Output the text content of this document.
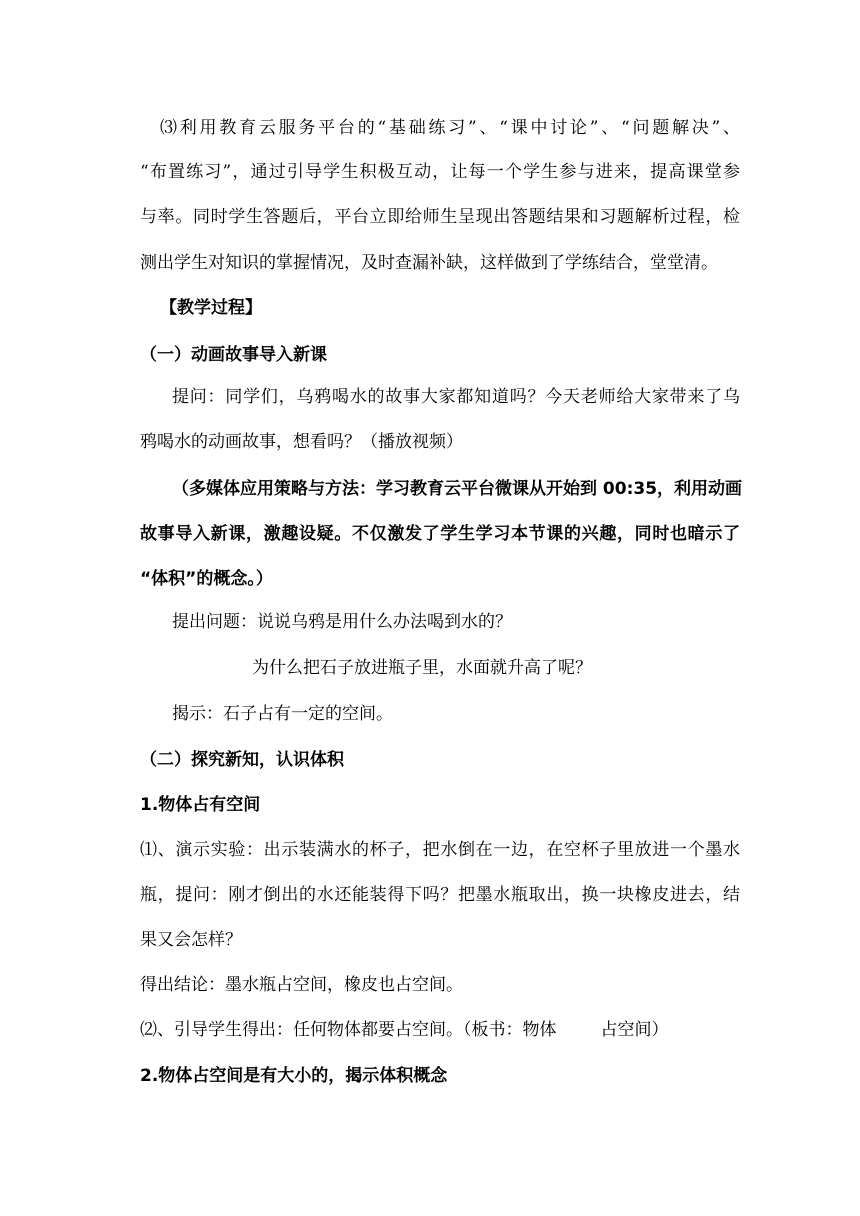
⑶利用教育云服务平台的“基础练习”、“课中讨论”、“问题解决”、
“布置练习”，通过引导学生积极互动，让每一个学生参与进来，提高课堂参
与率。同时学生答题后，平台立即给师生呈现出答题结果和习题解析过程，检
测出学生对知识的掌握情况，及时查漏补缺，这样做到了学练结合，堂堂清。
【教学过程】
（一）动画故事导入新课
提问：同学们，乌鸦喝水的故事大家都知道吗？今天老师给大家带来了乌
鸦喝水的动画故事，想看吗？（播放视频）
（多媒体应用策略与方法：学习教育云平台微课从开始到 00:35，利用动画
故事导入新课，激趣设疑。不仅激发了学生学习本节课的兴趣，同时也暗示了
“体积”的概念。）
提出问题：说说乌鸦是用什么办法喝到水的？
为什么把石子放进瓶子里，水面就升高了呢？
揭示：石子占有一定的空间。
（二）探究新知，认识体积
1.物体占有空间
⑴、演示实验：出示装满水的杯子，把水倒在一边，在空杯子里放进一个墨水
瓶，提问：刚才倒出的水还能装得下吗？把墨水瓶取出，换一块橡皮进去，结
果又会怎样？
得出结论：墨水瓶占空间，橡皮也占空间。
⑵、引导学生得出：任何物体都要占空间。（板书：物体	占空间）
2.物体占空间是有大小的，揭示体积概念
